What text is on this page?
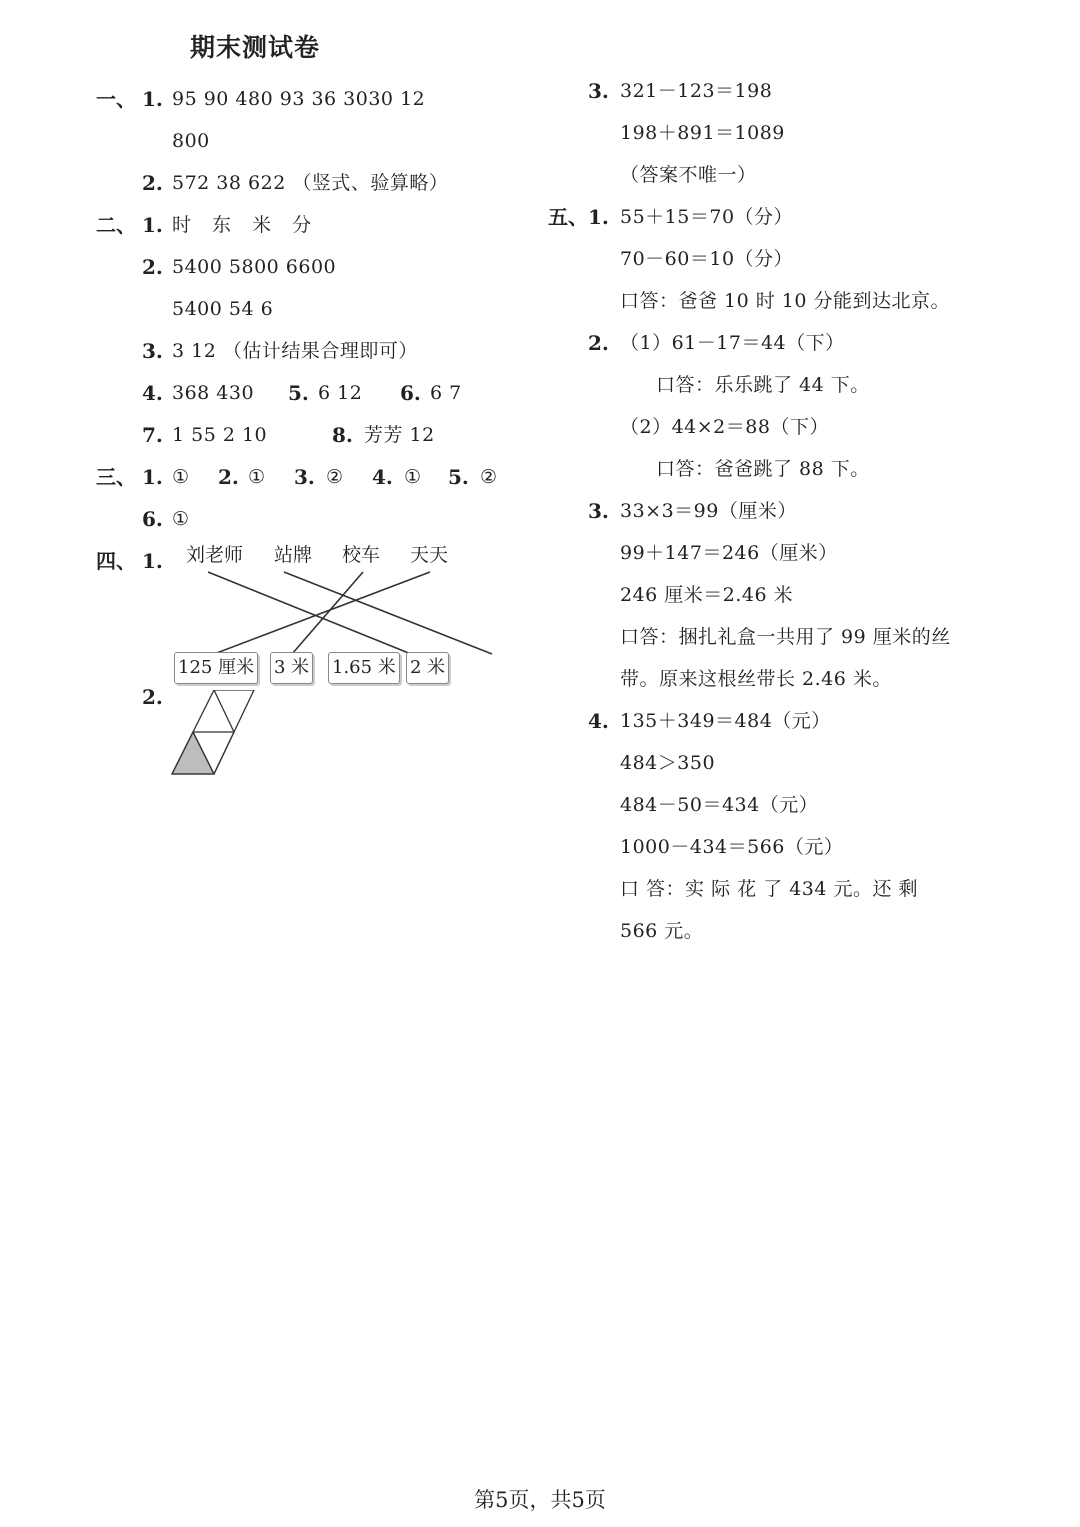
期末测试卷
一、 1. 95 90 480 93 36 3030 12
800
2. 572 38 622 （竖式、验算略）
二、 1. 时 东 米 分
2. 5400 5800 6600
5400 54 6
3. 3 12 （估计结果合理即可）
4. 368 430 5. 6 12 6. 6 7
7. 1 55 2 10	8. 芳芳 12
三、 1. ① 2. ① 3. ② 4. ① 5. ②
6. ①
四、 1. 刘老师 站牌 校车 天天
125 厘米 3 米 1.65 米 2 米
2.
3. 321－123＝198
198＋891＝1089
（答案不唯一）
五、 1. 55＋15＝70（分）
70－60＝10（分）
口答：爸爸 10 时 10 分能到达北京。
2. （1）61－17＝44（下）
口答：乐乐跳了 44 下。
（2）44×2＝88（下）
口答：爸爸跳了 88 下。
3. 33×3＝99（厘米）
99＋147＝246（厘米）
246 厘米＝2.46 米
口答：捆扎礼盒一共用了 99 厘米的丝
带。原来这根丝带长 2.46 米。
4. 135＋349＝484（元）
484＞350
484－50＝434（元）
1000－434＝566（元）
口 答：实 际 花 了 434 元。还 剩
566 元。
第5页，共5页
